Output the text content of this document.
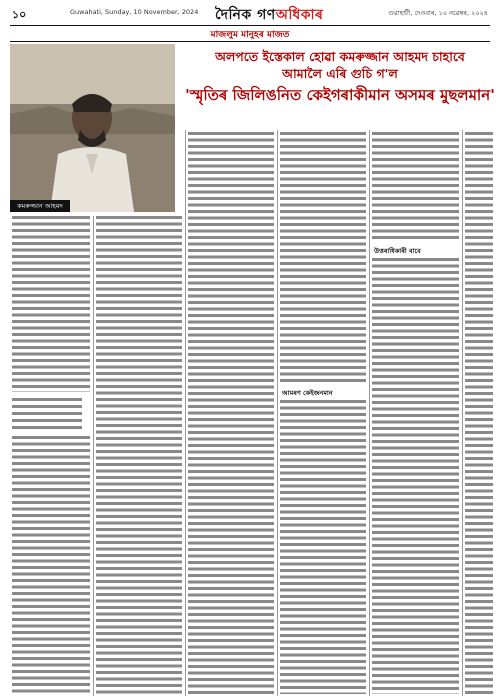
১০	Guwahati, Sunday, 10 November, 2024 দৈনিক গণঅধিকাৰ	গুৱাহাটী, দেওবাৰ, ১০ নৱেম্বৰ, ২০২৪
মাজলুম মানুহৰ মাজত
অলপতে ইস্তেকাল হোৱা কমৰুজ্জান আহমদ চাহাবে
আমালৈ এৰি গুচি গ'ল
'স্মৃতিৰ জিলিঙনিত কেইগৰাকীমান অসমৰ মুছলমান'
কমৰুজ্জান আহমদ
আমৰণ কেইজনমান
উত্তৰাধিকাৰী বাবে
